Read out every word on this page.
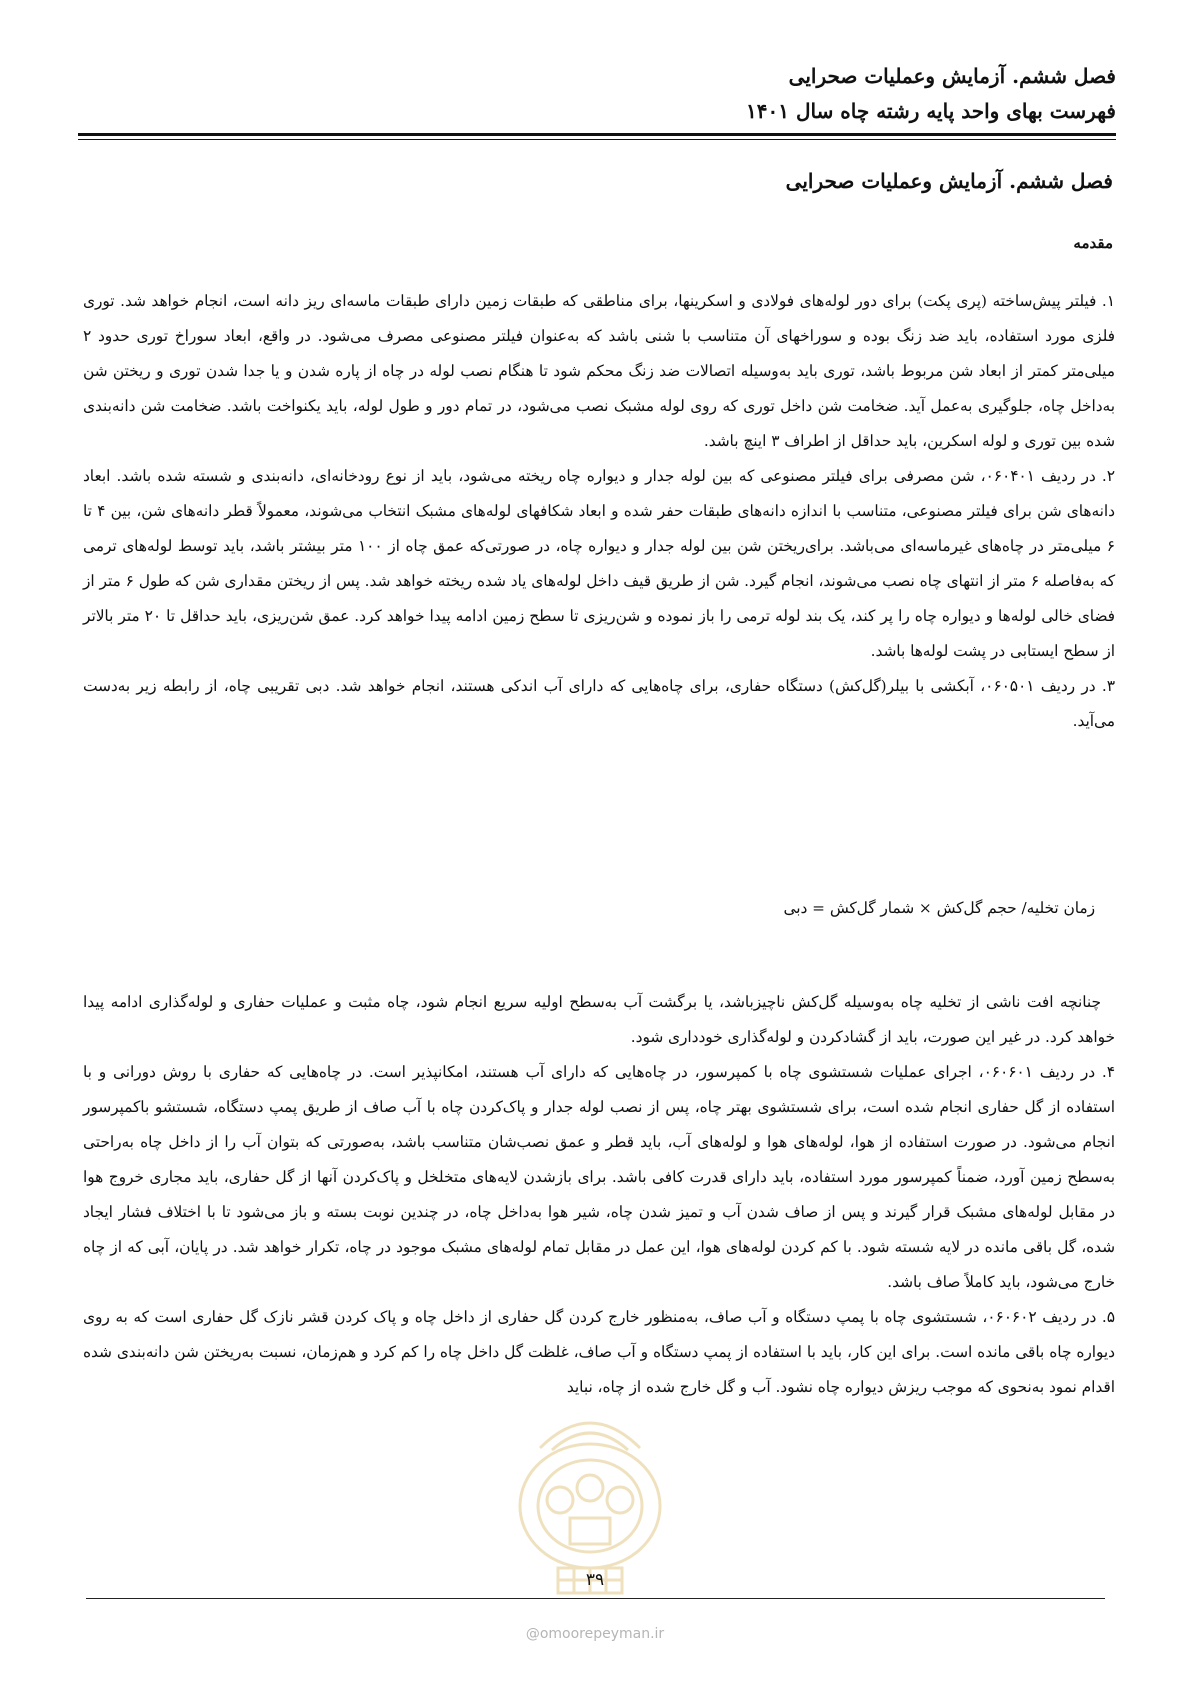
فصل ششم. آزمایش وعملیات صحرایی
فهرست بهای واحد پایه رشته چاه سال ۱۴۰۱
فصل ششم. آزمایش وعملیات صحرایی
مقدمه

۱. فیلتر پیش‌ساخته (پری پکت) برای دور لوله‌های فولادی و اسکرینها، برای مناطقی که طبقات زمین دارای طبقات ماسه‌ای ریز دانه است، انجام خواهد شد. توری فلزی مورد استفاده، باید ضد زنگ بوده و سوراخهای آن متناسب با شنی باشد که به‌عنوان فیلتر مصنوعی مصرف می‌شود. در واقع، ابعاد سوراخ توری حدود ۲ میلی‌متر کمتر از ابعاد شن مربوط باشد، توری باید به‌وسیله اتصالات ضد زنگ محکم شود تا هنگام نصب لوله در چاه از پاره شدن و یا جدا شدن توری و ریختن شن به‌داخل چاه، جلوگیری به‌عمل آید. ضخامت شن داخل توری که روی لوله مشبک نصب می‌شود، در تمام دور و طول لوله، باید یکنواخت باشد. ضخامت شن دانه‌بندی شده بین توری و لوله اسکرین، باید حداقل از اطراف ۳ اینچ باشد.

۲. در ردیف ۰۶۰۴۰۱، شن مصرفی برای فیلتر مصنوعی که بین لوله جدار و دیواره چاه ریخته می‌شود، باید از نوع رودخانه‌ای، دانه‌بندی و شسته شده باشد. ابعاد دانه‌های شن برای فیلتر مصنوعی، متناسب با اندازه دانه‌های طبقات حفر شده و ابعاد شکافهای لوله‌های مشبک انتخاب می‌شوند، معمولاً قطر دانه‌های شن، بین ۴ تا ۶ میلی‌متر در چاه‌های غیرماسه‌ای می‌باشد. برای‌ریختن شن بین لوله جدار و دیواره چاه، در صورتی‌که عمق چاه از ۱۰۰ متر بیشتر باشد، باید توسط لوله‌های ترمی که به‌فاصله ۶ متر از انتهای چاه نصب می‌شوند، انجام گیرد. شن از طریق قیف داخل لوله‌های یاد شده ریخته خواهد شد. پس از ریختن مقداری شن که طول ۶ متر از فضای خالی لوله‌ها و دیواره چاه را پر کند، یک بند لوله ترمی را باز نموده و شن‌ریزی تا سطح زمین ادامه پیدا خواهد کرد. عمق شن‌ریزی، باید حداقل تا ۲۰ متر بالاتر از سطح ایستابی در پشت لوله‌ها باشد.

۳. در ردیف ۰۶۰۵۰۱، آبکشی با بیلر(گل‌کش) دستگاه حفاری، برای چاه‌هایی که دارای آب اندکی هستند، انجام خواهد شد. دبی تقریبی چاه، از رابطه زیر به‌دست می‌آید.

زمان تخلیه/ حجم گل‌کش × شمار گل‌کش = دبی

چنانچه افت ناشی از تخلیه چاه به‌وسیله گل‌کش ناچیزباشد، یا برگشت آب به‌سطح اولیه سریع انجام شود، چاه مثبت و عملیات حفاری و لوله‌گذاری ادامه پیدا خواهد کرد. در غیر این صورت، باید از گشادکردن و لوله‌گذاری خودداری شود.

۴. در ردیف ۰۶۰۶۰۱، اجرای عملیات شستشوی چاه با کمپرسور، در چاه‌هایی که دارای آب هستند، امکانپذیر است. در چاه‌هایی که حفاری با روش دورانی و با استفاده از گل حفاری انجام شده است، برای شستشوی بهتر چاه، پس از نصب لوله جدار و پاک‌کردن چاه با آب صاف از طریق پمپ دستگاه، شستشو باکمپرسور انجام می‌شود. در صورت استفاده از هوا، لوله‌های هوا و لوله‌های آب، باید قطر و عمق نصب‌شان متناسب باشد، به‌صورتی که بتوان آب را از داخل چاه به‌راحتی به‌سطح زمین آورد، ضمناً کمپرسور مورد استفاده، باید دارای قدرت کافی باشد. برای بازشدن لایه‌های متخلخل و پاک‌کردن آنها از گل حفاری، باید مجاری خروج هوا در مقابل لوله‌های مشبک قرار گیرند و پس از صاف شدن آب و تمیز شدن چاه، شیر هوا به‌داخل چاه، در چندین نوبت بسته و باز می‌شود تا با اختلاف فشار ایجاد شده، گل باقی مانده در لایه شسته شود. با کم کردن لوله‌های هوا، این عمل در مقابل تمام لوله‌های مشبک موجود در چاه، تکرار خواهد شد. در پایان، آبی که از چاه خارج می‌شود، باید کاملاً صاف باشد.

۵. در ردیف ۰۶۰۶۰۲، شستشوی چاه با پمپ دستگاه و آب صاف، به‌منظور خارج کردن گل حفاری از داخل چاه و پاک کردن قشر نازک گل حفاری است که به روی دیواره چاه باقی مانده است. برای این کار، باید با استفاده از پمپ دستگاه و آب صاف، غلظت گل داخل چاه را کم کرد و هم‌زمان، نسبت به‌ریختن شن دانه‌بندی شده اقدام نمود به‌نحوی که موجب ریزش دیواره چاه نشود. آب و گل خارج شده از چاه، نباید

۳۹
@omoorepeyman.ir
